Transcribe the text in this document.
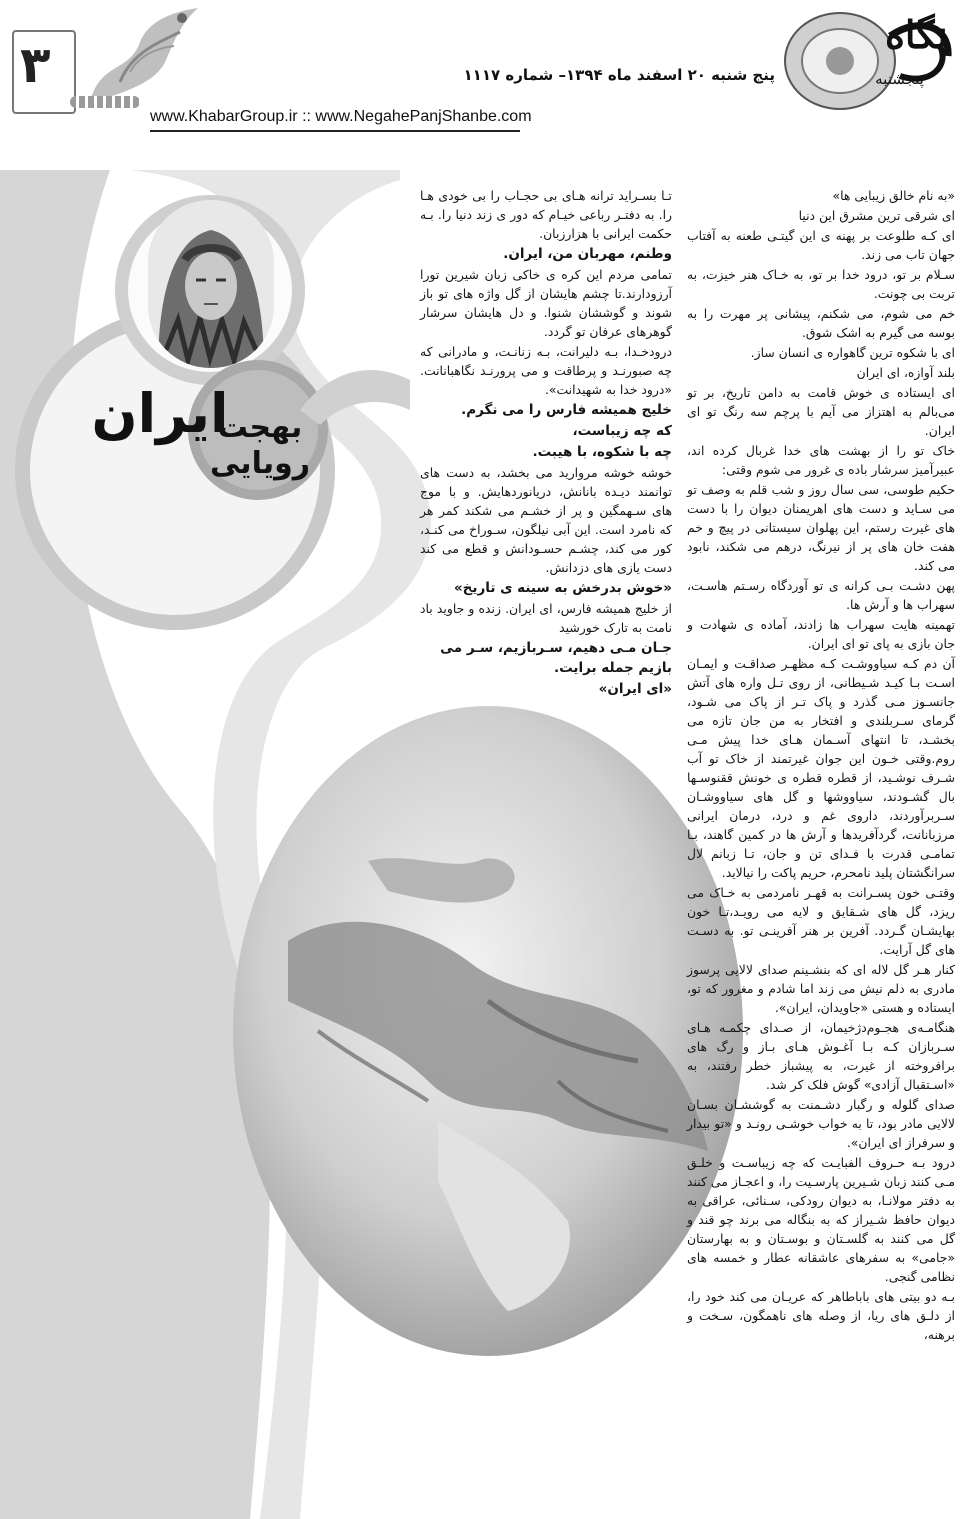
۳	پنج شنبه ۲۰ اسفند ماه ۱۳۹۴– شماره ۱۱۱۷
www.KhabarGroup.ir :: www.NegahePanjShanbe.com
پنجشنبه
نگاه
ایران
بهجت
رویایی

«به نام خالق زیبایی ها»

ای شرقی ترین مشرق این دنیا

ای کـه طلوعت بر پهنه ی این گیتـی طعنه به آفتاب جهان تاب می زند.

سـلام بر تو، درود خدا بر تو، به خـاک هنر خیزت، به تربت بی چونت.

خم می شوم، می شکنم، پیشانی پر مهرت را به بوسه می گیرم به اشک شوق.

ای با شکوه ترین گاهواره ی انسان ساز.

بلند آوازه، ای ایران

ای ایستاده ی خوش قامت به دامن تاریخ، بر تو می‌بالم به اهتزاز می آیم با پرچم سه رنگ تو ای ایران.

خاک تو را از بهشت های خدا غربال کرده اند، عبیرآمیز سرشار باده ی غرور می شوم وقتی:

حکیم طوسی، سی سال روز و شب قلم به وصف تو می سـاید و دست های اهریمنان دیوان را با دست های غیرت رستم، این پهلوان سیستانی در پیچ و خم هفت خان های پر از نیرنگ، درهم می شکند، نابود می کند.

پهن دشـت بـی کرانه ی تو آوردگاه رسـتم هاسـت، سهراب ها و آرش ها.

تهمینه هایت سهراب ها زادند، آماده ی شهادت و جان بازی به پای تو ای ایران.

آن دم کـه سیاووشـت کـه مظهـر صداقـت و ایمـان اسـت بـا کیـد شـیطانی، از روی تـل واره های آتش جانسـوز مـی گذرد و پاک تـر از پاک می شـود، گرمای سـربلندی و افتخار به من جان تازه می بخشـد، تا انتهای آسـمان هـای خدا پیش مـی روم.وقتی خـون این جوان غیرتمند از خاک تو آب شـرف نوشـید، از قطره قطره ی خونش ققنوسـها بال گشـودند، سیاووشها و گل های سیاووشـان سـربرآوردند، داروی غم و درد، درمان ایرانی مرزبانانت، گردآفریدها و آرش ها در کمین گاهند، بـا تمامـی قدرت با فـدای تن و جان، تـا زبانم لال سرانگشتان پلید نامحرم، حریم پاکت را نیالاید.

وقتـی خون پسـرانت به قهـر نامردمی به خـاک می ریزد، گل های شـقایق و لایه می رویـد،تـا خون بهایشـان گـردد. آفرین بر هنر آفرینـی تو. به دسـت های گل آرایت.

کنار هـر گل لاله ای که بنشـینم صدای لالایی پرسوز مادری به دلم نیش می زند اما شادم و مغرور که تو، ایستاده و هستی «جاویدان، ایران».

هنگامـه‌ی هجـوم‌دژخیمان، از صـدای چکمـه هـای سـربازان کـه بـا آغـوش هـای بـاز و رگ های برافروخته از غیرت، به پیشباز خطر رفتند، به «اسـتقبال آزادی» گوش فلک کر شد.

صدای گلوله و رگبار دشـمنت به گوششـان بسـان لالایی مادر بود، تا به خواب خوشـی رونـد و «تو بیدار و سرفراز ای ایران».

درود بـه حـروف الفبایـت که چه زیباسـت و خلـق مـی کنند زبان شـیرین پارسـیت را، و اعجـاز می کنند به دفتر مولانـا، به دیوان رودکی، سـنائی، عراقی به دیوان حافظ شـیراز که به بنگاله می برند چو قند و گل می کنند به گلسـتان و بوسـتان و به بهارستان «جامی» به سفرهای عاشقانه عطار و خمسه های نظامی گنجی.

بـه دو بیتی های باباطاهر که عریـان می کند خود را، از دلـق های ریا، از وصله های ناهمگون، سـخت و برهنه،

تـا بسـراید ترانه هـای بی حجـاب را بی خودی هـا را. به دفتـر رباعی خیـام که دور ی زند دنیا را. بـه حکمت ایرانی با هزارزبان.

وطنم، مهربان من، ایران.

تمامی مردم این کره ی خاکی زبان شیرین تورا آرزودارند.تا چشم هایشان از گل واژه های تو باز شوند و گوششان شنوا. و دل هایشان سرشار گوهرهای عرفان تو گردد.

درودخـدا، بـه دلیرانت، بـه زنانـت، و مادرانی که چه صبورنـد و پرطاقت و می پرورنـد نگاهبانانت. «درود خدا به شهیدانت».

خلیج همیشه فارس را می نگرم.

که چه زیباست،

چه با شکوه، با هیبت.

خوشه خوشه مروارید می بخشد، به دست های توانمند دیـده بانانش، دریانوردهایش. و با موج های سـهمگین و پر از خشـم می شکند کمر هر که نامرد است. این آبی نیلگون، سـوراخ می کنـد، کور می کند، چشـم حسـودانش و قطع می کند دست یازی های دزدانش.

«خوش بدرخش به سینه ی تاریخ»

از خلیج همیشه فارس، ای ایران. زنده و جاوید باد نامت به تارک خورشید

جـان مـی دهیم، سـربازیم، سـر می بازیم جمله برایت.

«ای ایران»
